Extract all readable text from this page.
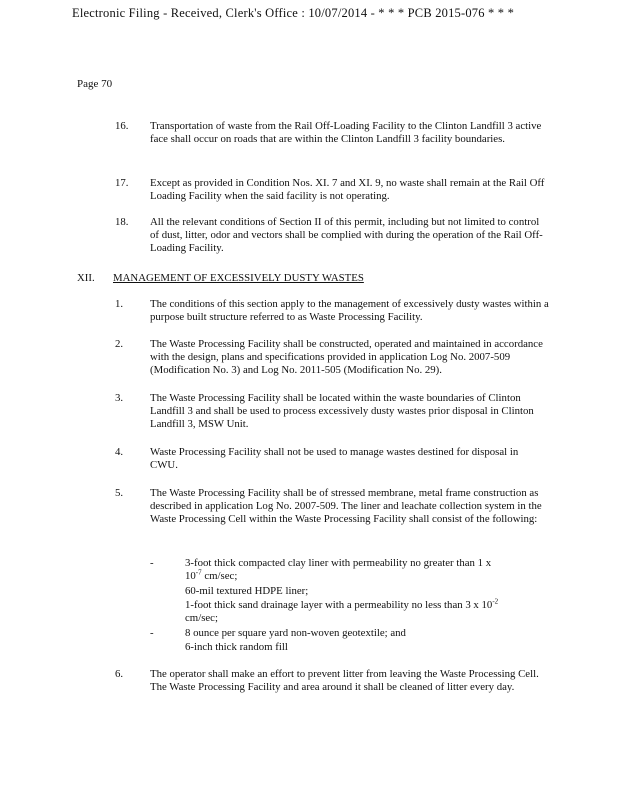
Electronic Filing - Received, Clerk's Office : 10/07/2014 - * * * PCB 2015-076 * * *
Page 70
16. Transportation of waste from the Rail Off-Loading Facility to the Clinton Landfill 3 active face shall occur on roads that are within the Clinton Landfill 3 facility boundaries.
17. Except as provided in Condition Nos. XI. 7 and XI. 9, no waste shall remain at the Rail Off Loading Facility when the said facility is not operating.
18. All the relevant conditions of Section II of this permit, including but not limited to control of dust, litter, odor and vectors shall be complied with during the operation of the Rail Off-Loading Facility.
XII. MANAGEMENT OF EXCESSIVELY DUSTY WASTES
1. The conditions of this section apply to the management of excessively dusty wastes within a purpose built structure referred to as Waste Processing Facility.
2. The Waste Processing Facility shall be constructed, operated and maintained in accordance with the design, plans and specifications provided in application Log No. 2007-509 (Modification No. 3) and Log No. 2011-505 (Modification No. 29).
3. The Waste Processing Facility shall be located within the waste boundaries of Clinton Landfill 3 and shall be used to process excessively dusty wastes prior disposal in Clinton Landfill 3, MSW Unit.
4. Waste Processing Facility shall not be used to manage wastes destined for disposal in CWU.
5. The Waste Processing Facility shall be of stressed membrane, metal frame construction as described in application Log No. 2007-509. The liner and leachate collection system in the Waste Processing Cell within the Waste Processing Facility shall consist of the following:
-	3-foot thick compacted clay liner with permeability no greater than 1 x
$10^{-7}$ cm/sec;
60-mil textured HDPE liner;
1-foot thick sand drainage layer with a permeability no less than 3 x $10^{-2}$
cm/sec;
-	8 ounce per square yard non-woven geotextile; and
6-inch thick random fill
6. The operator shall make an effort to prevent litter from leaving the Waste Processing Cell. The Waste Processing Facility and area around it shall be cleaned of litter every day.
